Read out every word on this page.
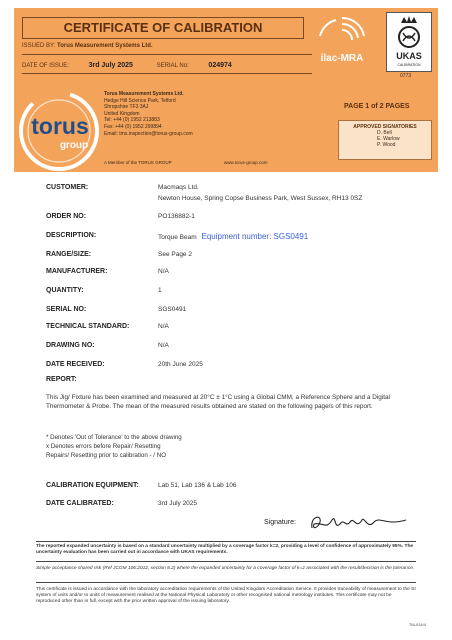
CERTIFICATE OF CALIBRATION
ISSUED BY: Torus Measurement Systems Ltd.
DATE OF ISSUE:	3rd July 2025	SERIAL No:	024974
ilac-MRA	UKAS
CALIBRATION
0773
torus
group
Torus Measurement Systems Ltd.
Hedge Hill Science Park, Telford
Shropshire TF3 3AJ
United Kingdom
Tel: +44 (0) 1952 213883
Fax: +44 (0) 1952 299894
Email: tms.inspection@torus-group.com
A Member of the TORUS GROUP	www.torus-group.com
PAGE 1 of 2 PAGES
APPROVED SIGNATORIES
D. Bell
E. Warlow
P. Wood
CUSTOMER:	Macmaqs Ltd.
Newton House, Spring Copse Business Park, West Sussex, RH13 0SZ
ORDER NO:	PO136882-1
DESCRIPTION:	Torque Beam Equipment number: SGS0491
RANGE/SIZE:	See Page 2
MANUFACTURER:	N/A
QUANTITY:	1
SERIAL NO:	SGS0491
TECHNICAL STANDARD:	N/A
DRAWING NO:	N/A
DATE RECEIVED:	20th June 2025
REPORT:
This Jig/ Fixture has been examined and measured at 20°C ± 1°C using a Global CMM, a Reference Sphere and a Digital Thermometer & Probe. The mean of the measured results obtained are stated on the following page/s of this report.
* Denotes 'Out of Tolerance' to the above drawing
x Denotes errors before Repair/ Resetting
Repairs/ Resetting prior to calibration - / NO
CALIBRATION EQUIPMENT:	Lab 51, Lab 136 & Lab 106
DATE CALIBRATED:	3rd July 2025
Signature:
The reported expanded uncertainty is based on a standard uncertainty multiplied by a coverage factor k=2, providing a level of confidence of approximately 95%. The uncertainty evaluation has been carried out in accordance with UKAS requirements.
Simple acceptance shared risk (Ref JCGM 106:2012, section 8.2) where the expanded uncertainty for a coverage factor of k=2 associated with the result/decision is the tolerance.
This certificate is issued in accordance with the laboratory accreditation requirements of the United Kingdom Accreditation Service. It provides traceability of measurement to the SI system of units and/or to units of measurement realised at the National Physical Laboratory or other recognised national metrology institutes. This certificate may not be reproduced other than in full, except with the prior written approval of the issuing laboratory.
TM-014/4
